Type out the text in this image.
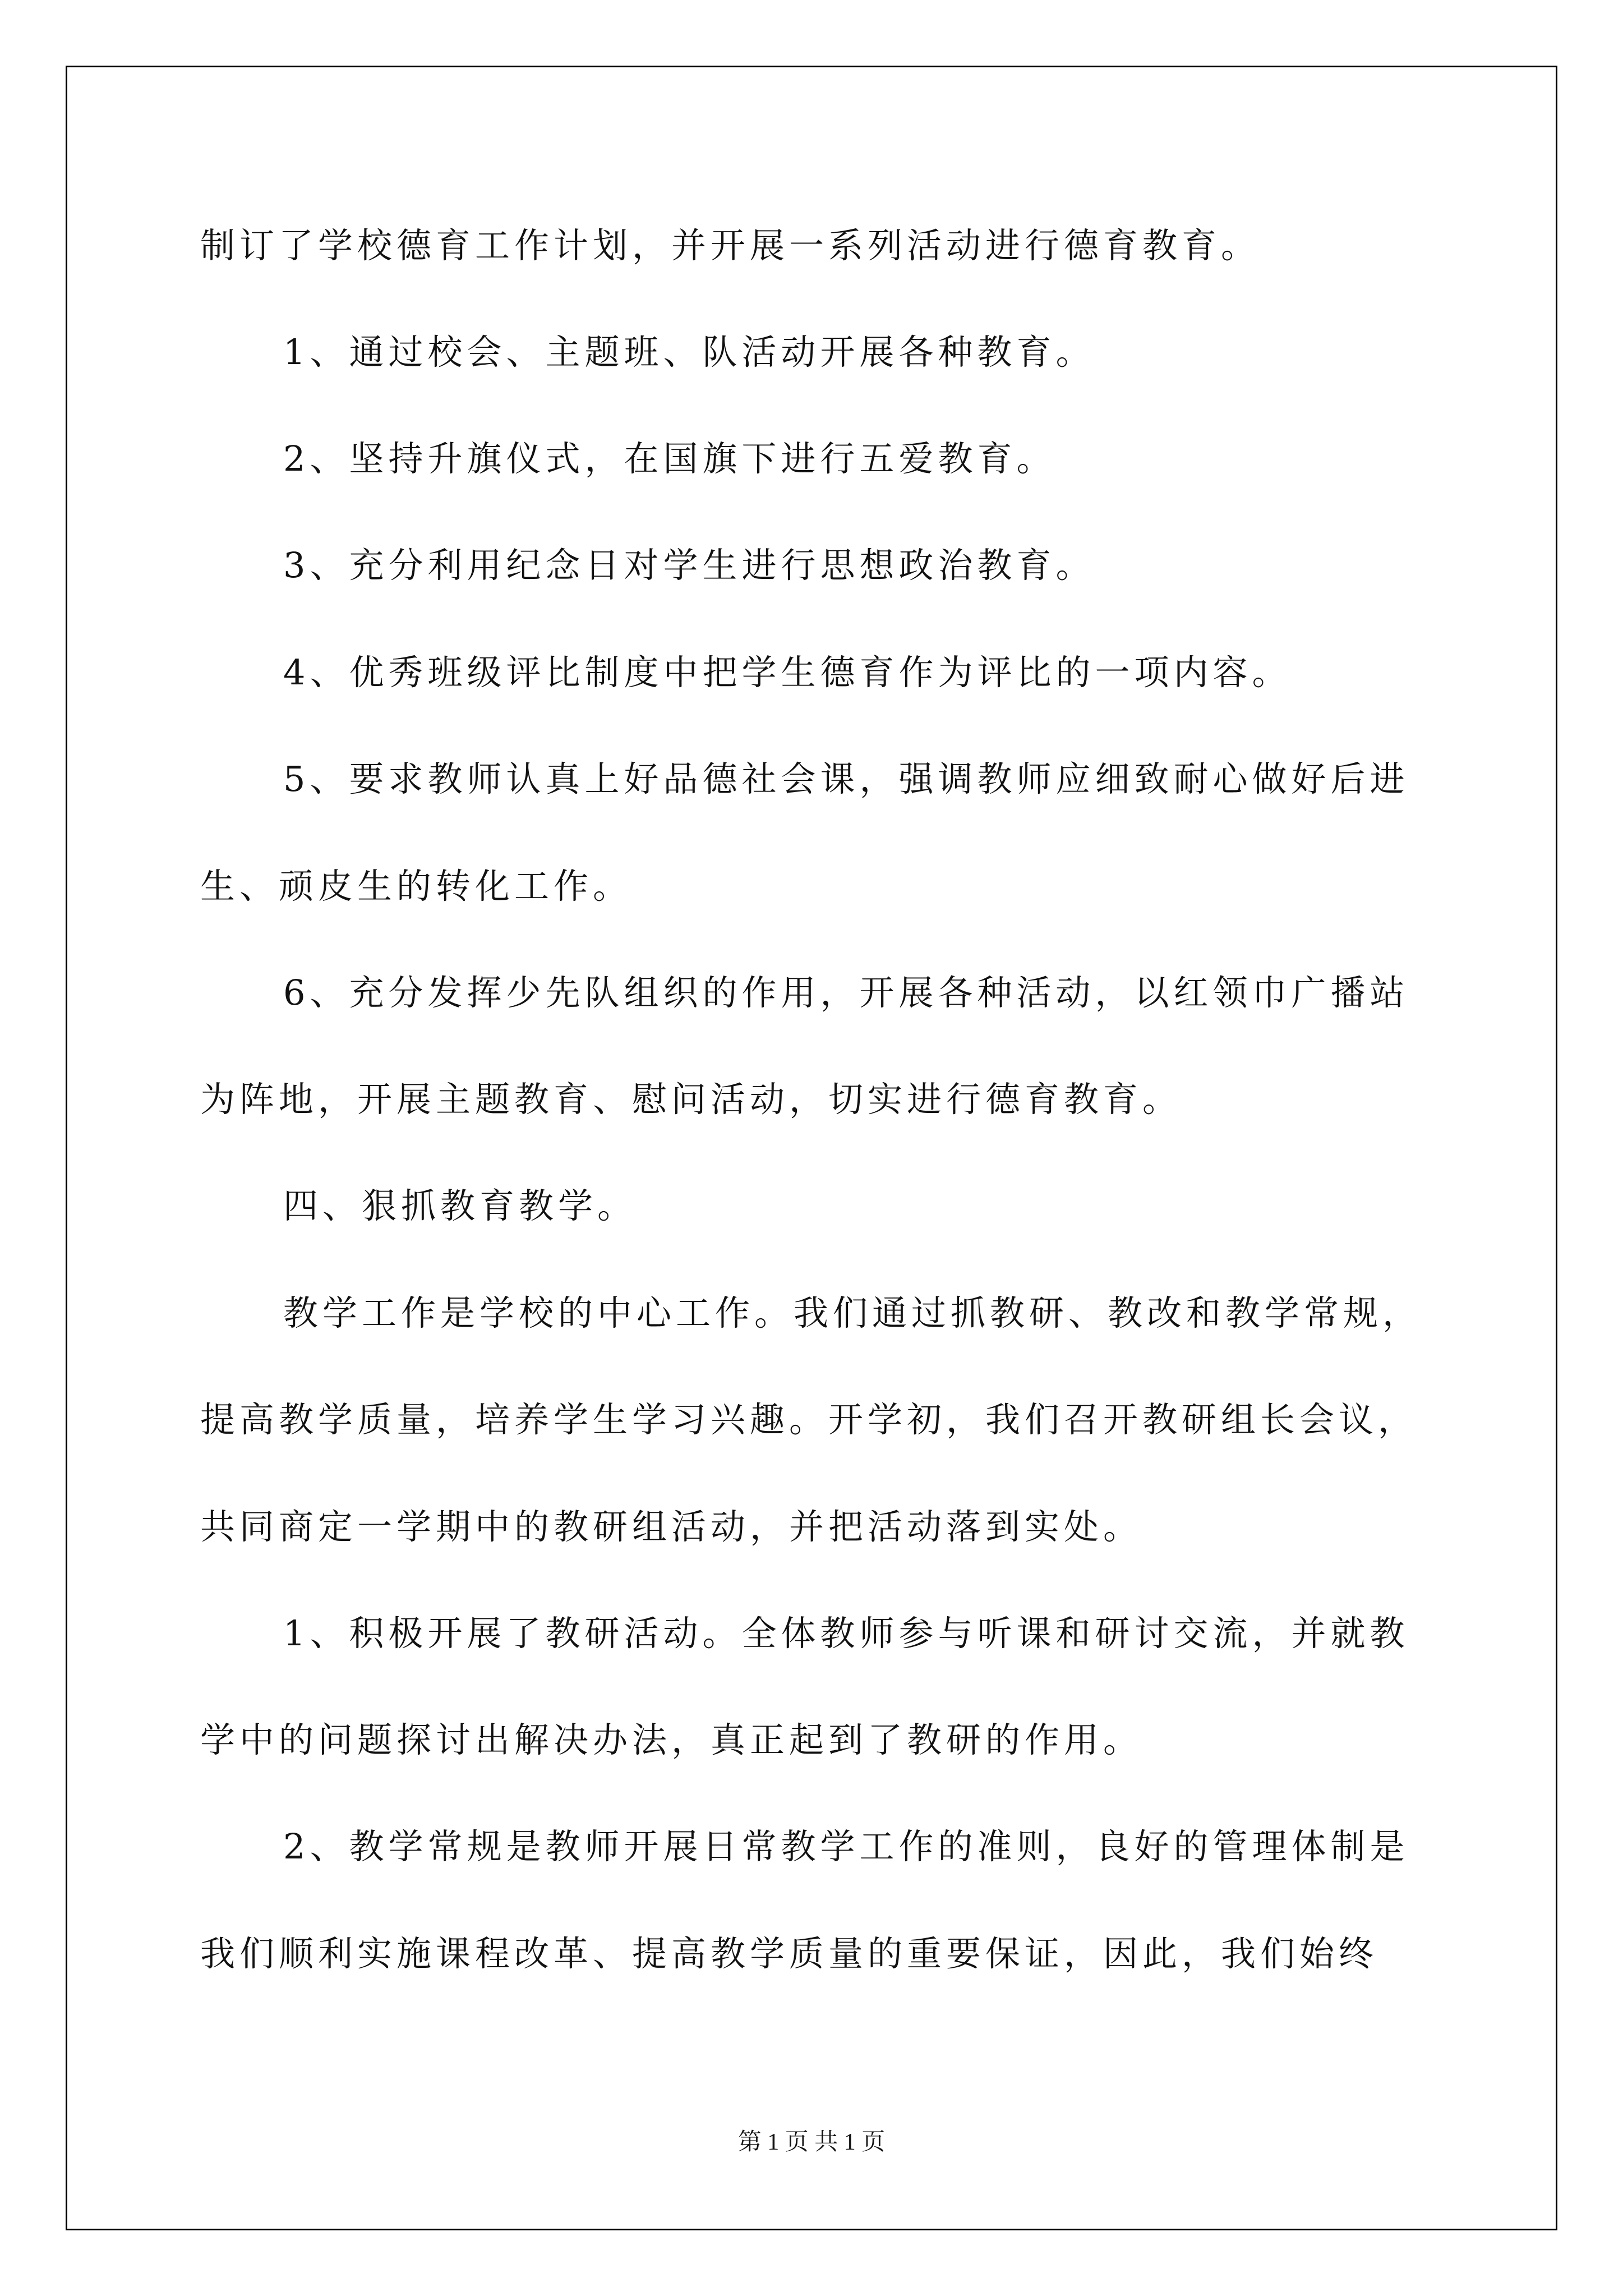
制订了学校德育工作计划，并开展一系列活动进行德育教育。
1、通过校会、主题班、队活动开展各种教育。
2、坚持升旗仪式，在国旗下进行五爱教育。
3、充分利用纪念日对学生进行思想政治教育。
4、优秀班级评比制度中把学生德育作为评比的一项内容。
5、要求教师认真上好品德社会课，强调教师应细致耐心做好后进
生、顽皮生的转化工作。
6、充分发挥少先队组织的作用，开展各种活动，以红领巾广播站
为阵地，开展主题教育、慰问活动，切实进行德育教育。
四、狠抓教育教学。
教学工作是学校的中心工作。我们通过抓教研、教改和教学常规，
提高教学质量，培养学生学习兴趣。开学初，我们召开教研组长会议，
共同商定一学期中的教研组活动，并把活动落到实处。
1、积极开展了教研活动。全体教师参与听课和研讨交流，并就教
学中的问题探讨出解决办法，真正起到了教研的作用。
2、教学常规是教师开展日常教学工作的准则，良好的管理体制是
我们顺利实施课程改革、提高教学质量的重要保证，因此，我们始终
第 1 页 共 1 页
